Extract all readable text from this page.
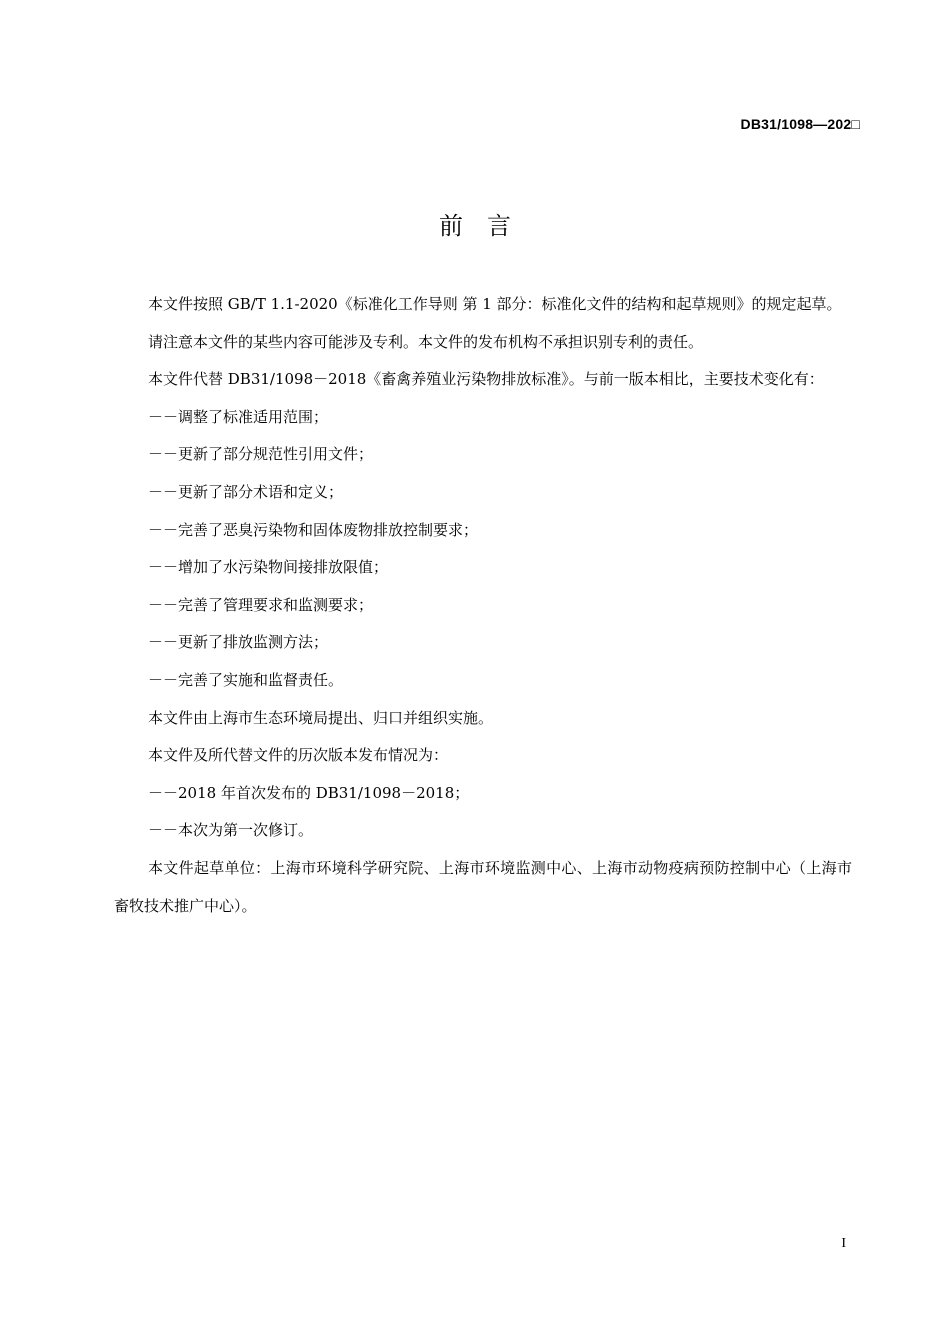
DB31/1098—202□
前言

本文件按照 GB/T 1.1-2020《标准化工作导则 第 1 部分：标准化文件的结构和起草规则》的规定起草。

请注意本文件的某些内容可能涉及专利。本文件的发布机构不承担识别专利的责任。

本文件代替 DB31/1098－2018《畜禽养殖业污染物排放标准》。与前一版本相比，主要技术变化有：

－－调整了标准适用范围；

－－更新了部分规范性引用文件；

－－更新了部分术语和定义；

－－完善了恶臭污染物和固体废物排放控制要求；

－－增加了水污染物间接排放限值；

－－完善了管理要求和监测要求；

－－更新了排放监测方法；

－－完善了实施和监督责任。

本文件由上海市生态环境局提出、归口并组织实施。

本文件及所代替文件的历次版本发布情况为：

－－2018 年首次发布的 DB31/1098－2018；

－－本次为第一次修订。

本文件起草单位：上海市环境科学研究院、上海市环境监测中心、上海市动物疫病预防控制中心（上海市畜牧技术推广中心）。

I
